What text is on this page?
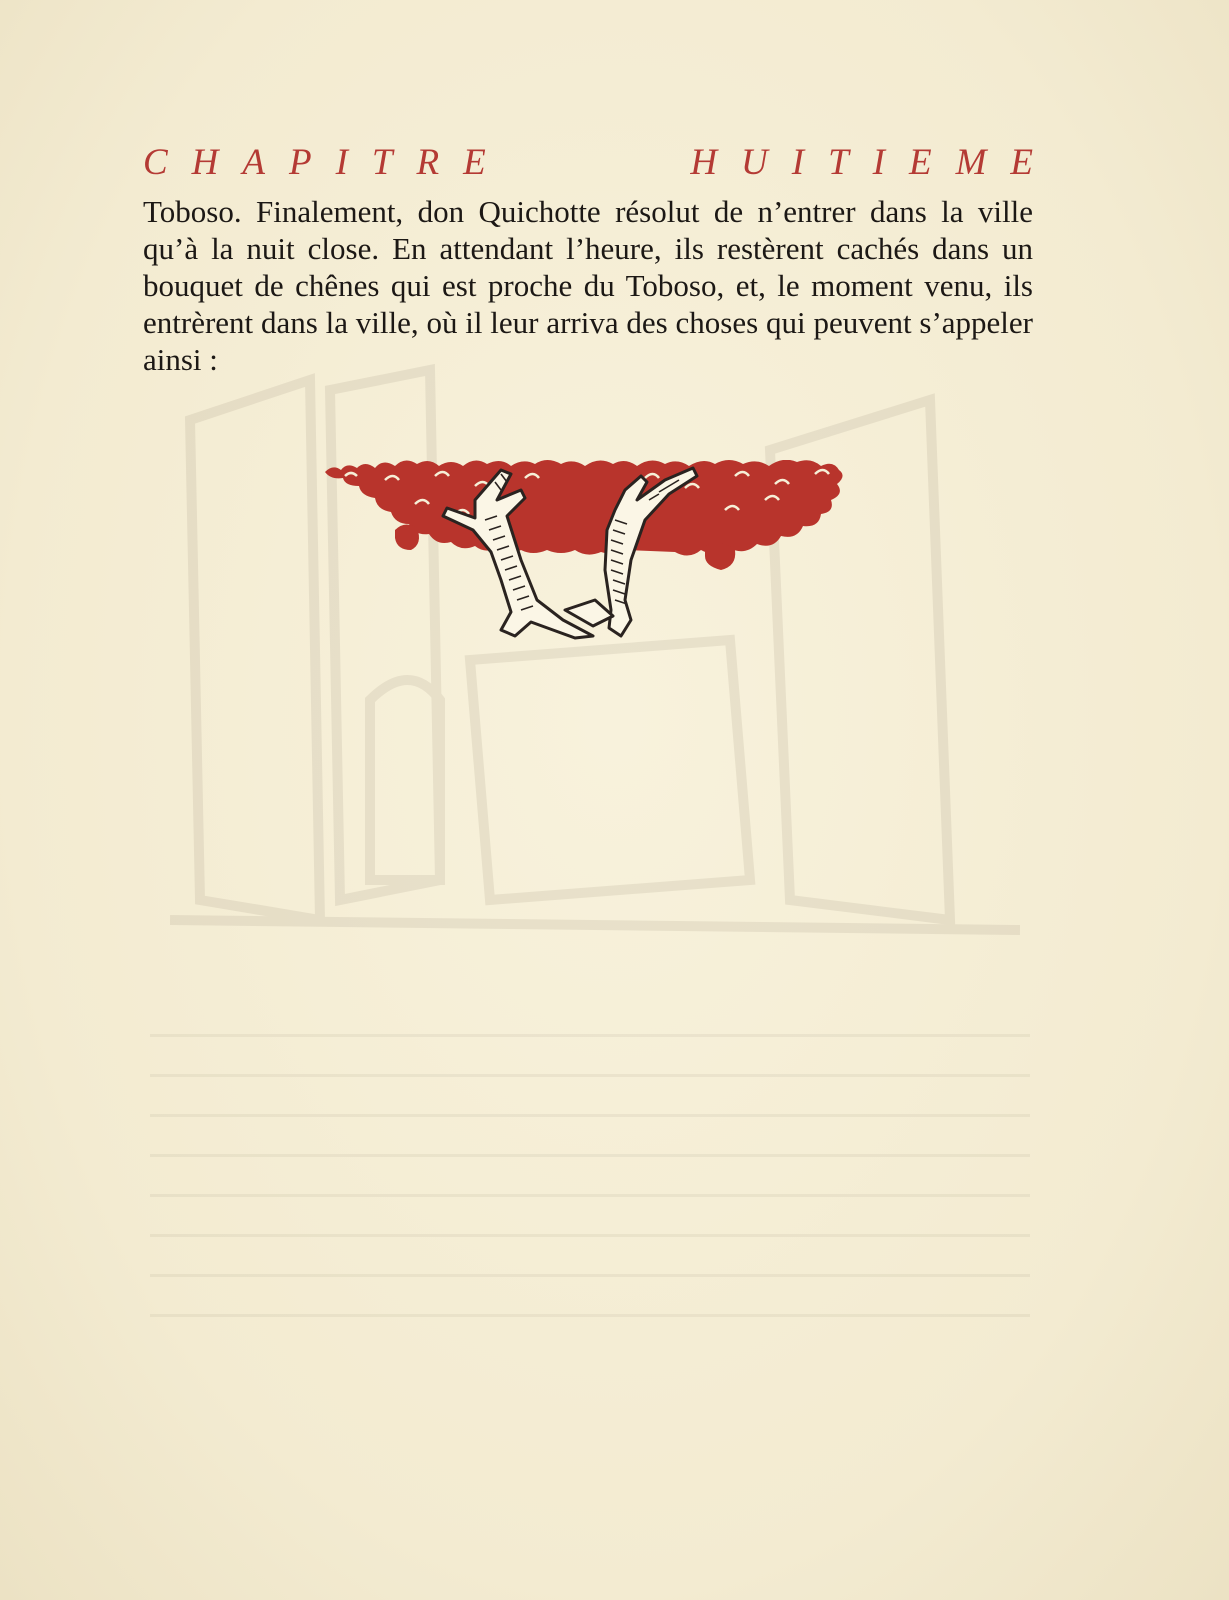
CHAPITRE	HUITIEME

Toboso. Finalement, don Quichotte résolut de n’entrer dans la ville qu’à la nuit close. En attendant l’heure, ils restèrent cachés dans un bouquet de chênes qui est proche du Toboso, et, le moment venu, ils entrèrent dans la ville, où il leur arriva des choses qui peuvent s’appeler ainsi :
